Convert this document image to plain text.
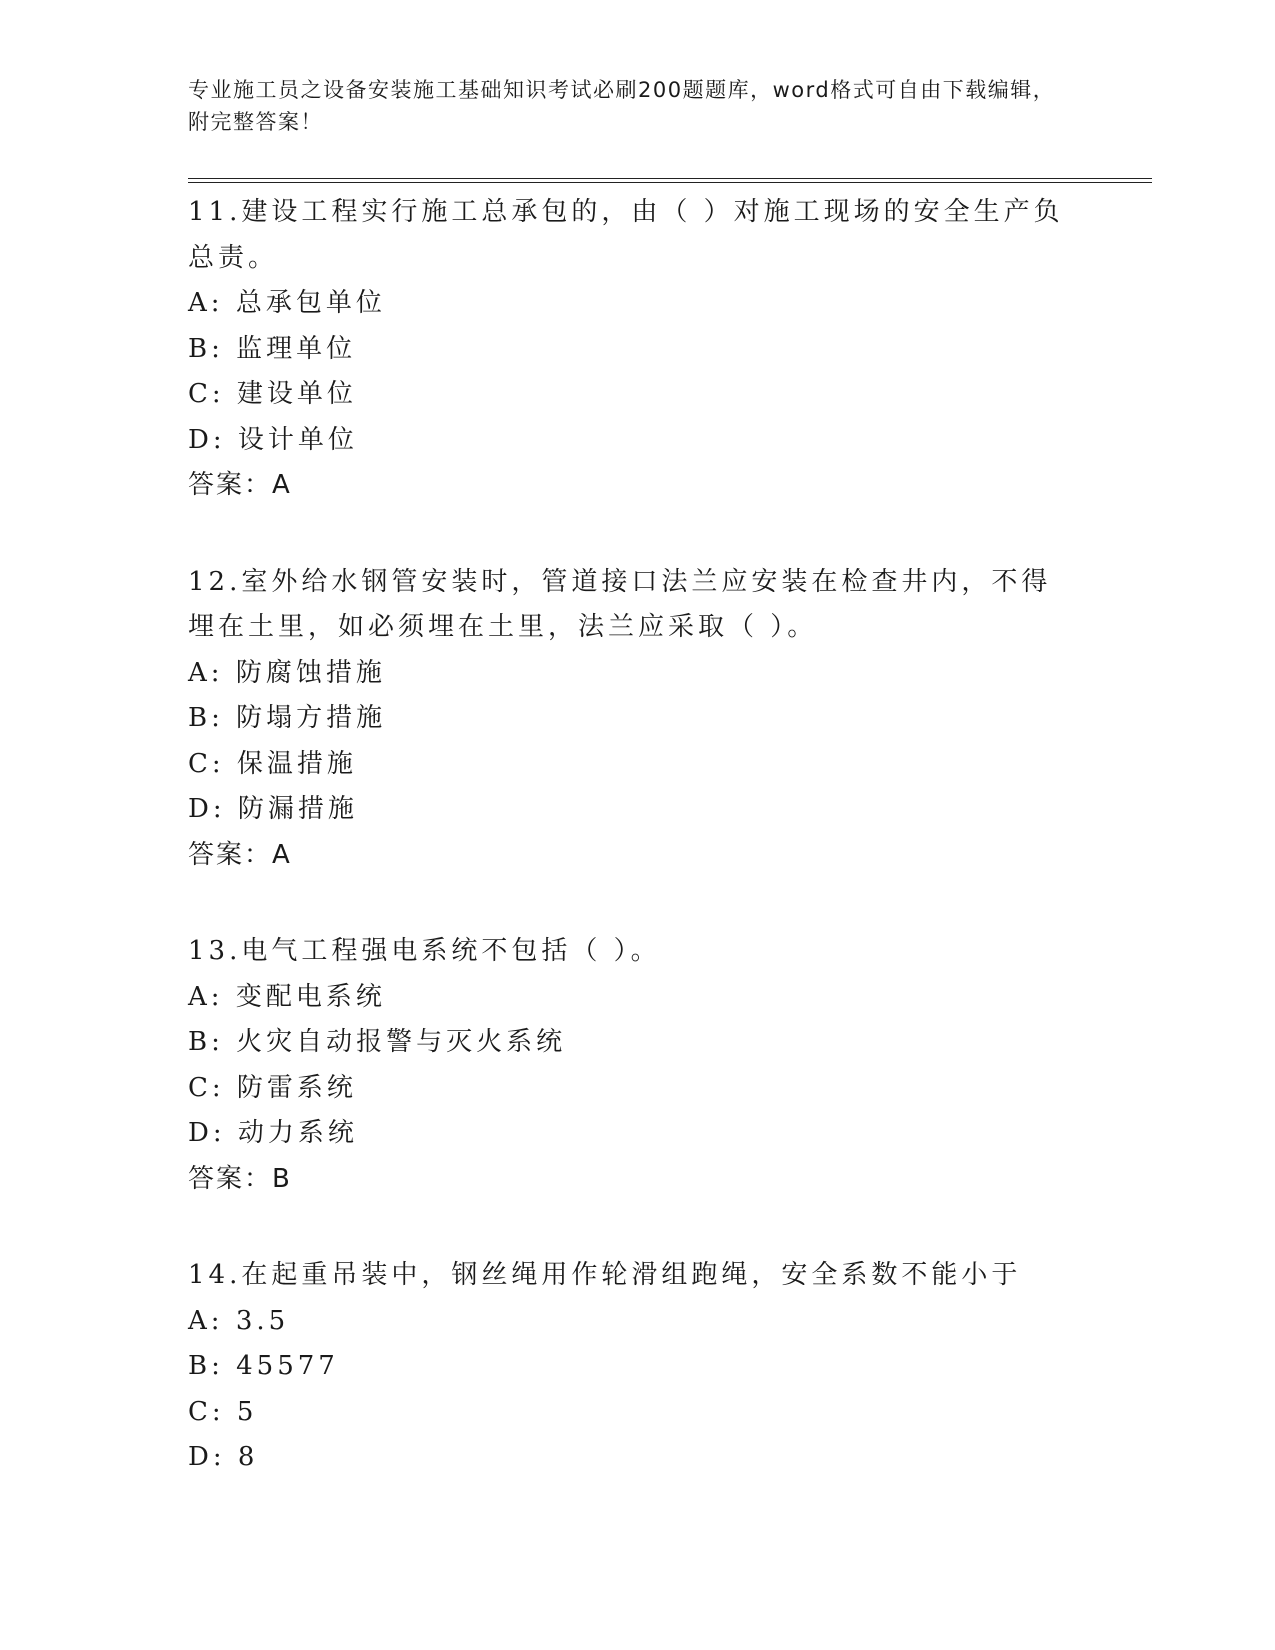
专业施工员之设备安装施工基础知识考试必刷200题题库，word格式可自由下载编辑，附完整答案！

11.建设工程实行施工总承包的，由（ ）对施工现场的安全生产负总责。

A: 总承包单位

B: 监理单位

C: 建设单位

D: 设计单位

答案：A

12.室外给水钢管安装时，管道接口法兰应安装在检查井内，不得埋在土里，如必须埋在土里，法兰应采取（ ）。

A: 防腐蚀措施

B: 防塌方措施

C: 保温措施

D: 防漏措施

答案：A

13.电气工程强电系统不包括（ ）。

A: 变配电系统

B: 火灾自动报警与灭火系统

C: 防雷系统

D: 动力系统

答案：B

14.在起重吊装中，钢丝绳用作轮滑组跑绳，安全系数不能小于

A: 3.5

B: 45577

C: 5

D: 8
